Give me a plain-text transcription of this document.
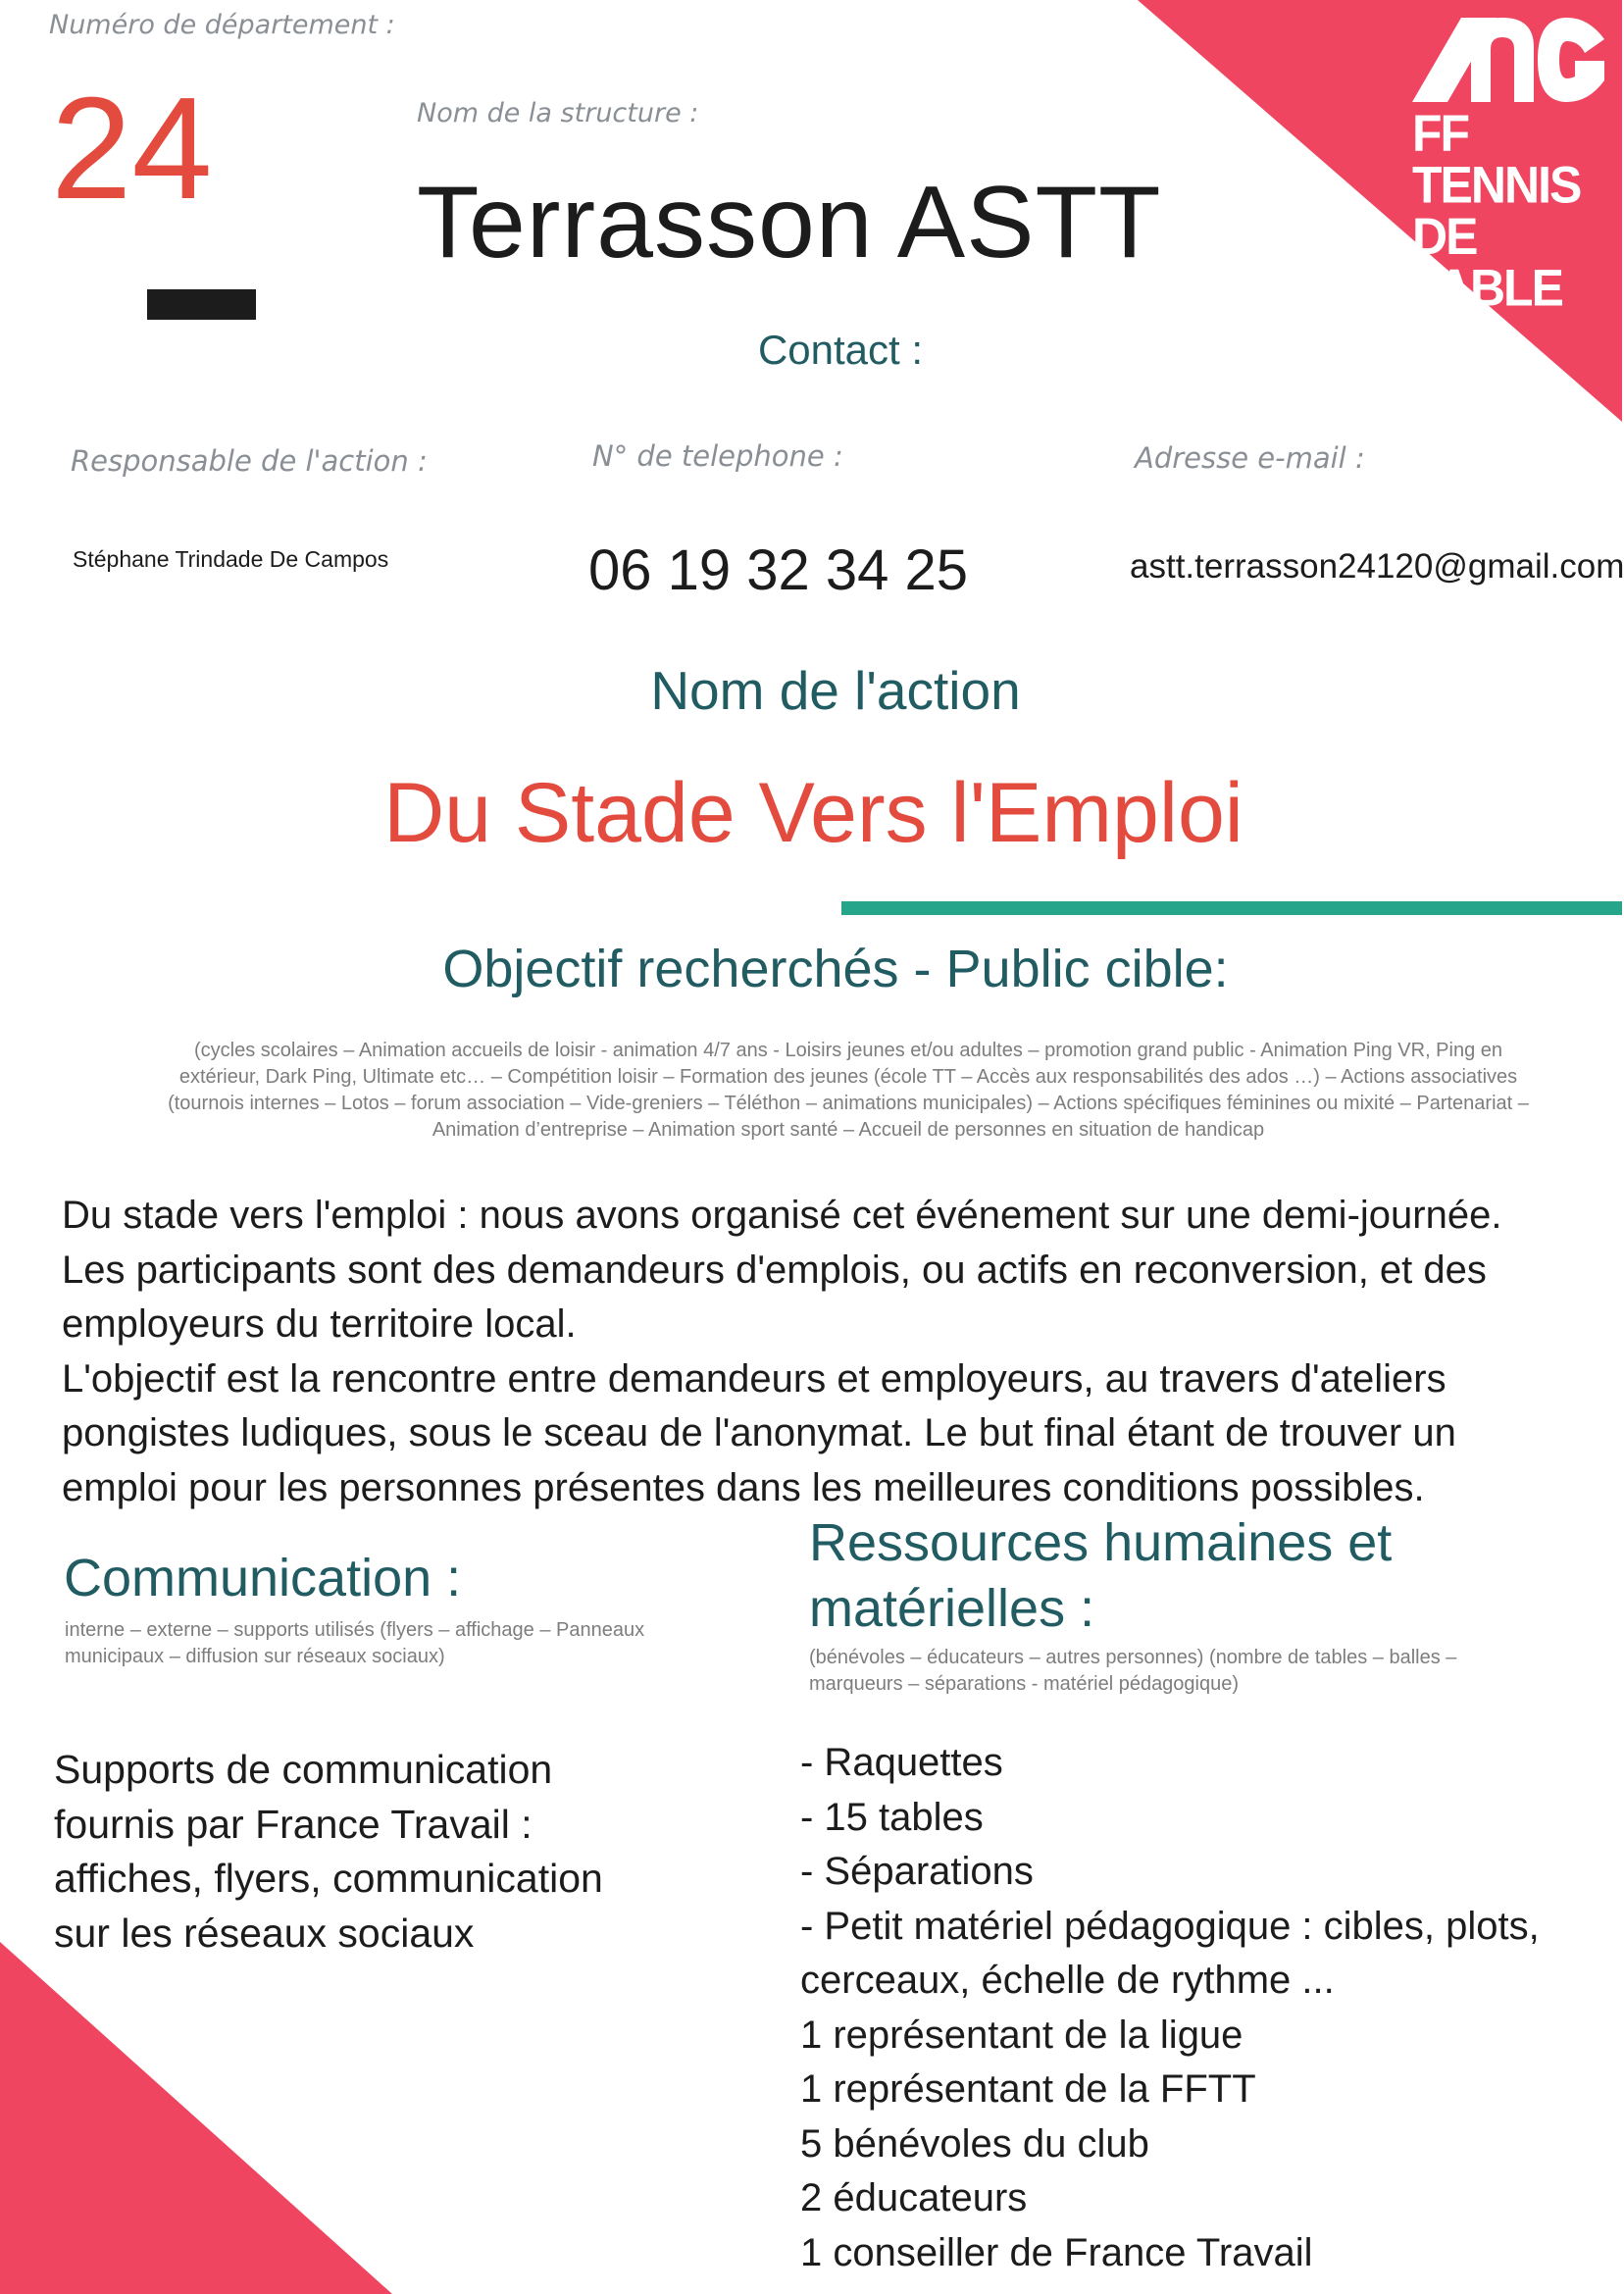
FF TENNIS
DE TABLE
Numéro de département :
24	Nom de la structure :
Terrasson ASTT
Contact :
Responsable de l'action :	N° de telephone :	Adresse e-mail :
Stéphane Trindade De Campos	06 19 32 34 25	astt.terrasson24120@gmail.com
Nom de l'action
Du Stade Vers l'Emploi
Objectif recherchés - Public cible:
(cycles scolaires – Animation accueils de loisir - animation 4/7 ans - Loisirs jeunes et/ou adultes – promotion grand public - Animation Ping VR, Ping en extérieur, Dark Ping, Ultimate etc… – Compétition loisir – Formation des jeunes (école TT – Accès aux responsabilités des ados …) – Actions associatives (tournois internes – Lotos – forum association – Vide-greniers – Téléthon – animations municipales) – Actions spécifiques féminines ou mixité – Partenariat – Animation d’entreprise – Animation sport santé – Accueil de personnes en situation de handicap
Du stade vers l'emploi : nous avons organisé cet événement sur une demi-journée.
Les participants sont des demandeurs d'emplois, ou actifs en reconversion, et des employeurs du territoire local.
L'objectif est la rencontre entre demandeurs et employeurs, au travers d'ateliers pongistes ludiques, sous le sceau de l'anonymat. Le but final étant de trouver un emploi pour les personnes présentes dans les meilleures conditions possibles.
Communication :
interne – externe – supports utilisés (flyers – affichage – Panneaux municipaux – diffusion sur réseaux sociaux)
Supports de communication
fournis par France Travail :
affiches, flyers, communication
sur les réseaux sociaux
Ressources humaines et matérielles :
(bénévoles – éducateurs – autres personnes) (nombre de tables – balles – marqueurs – séparations - matériel pédagogique)
- Raquettes
- 15 tables
- Séparations
- Petit matériel pédagogique : cibles, plots, cerceaux, échelle de rythme ...
1 représentant de la ligue
1 représentant de la FFTT
5 bénévoles du club
2 éducateurs
1 conseiller de France Travail
